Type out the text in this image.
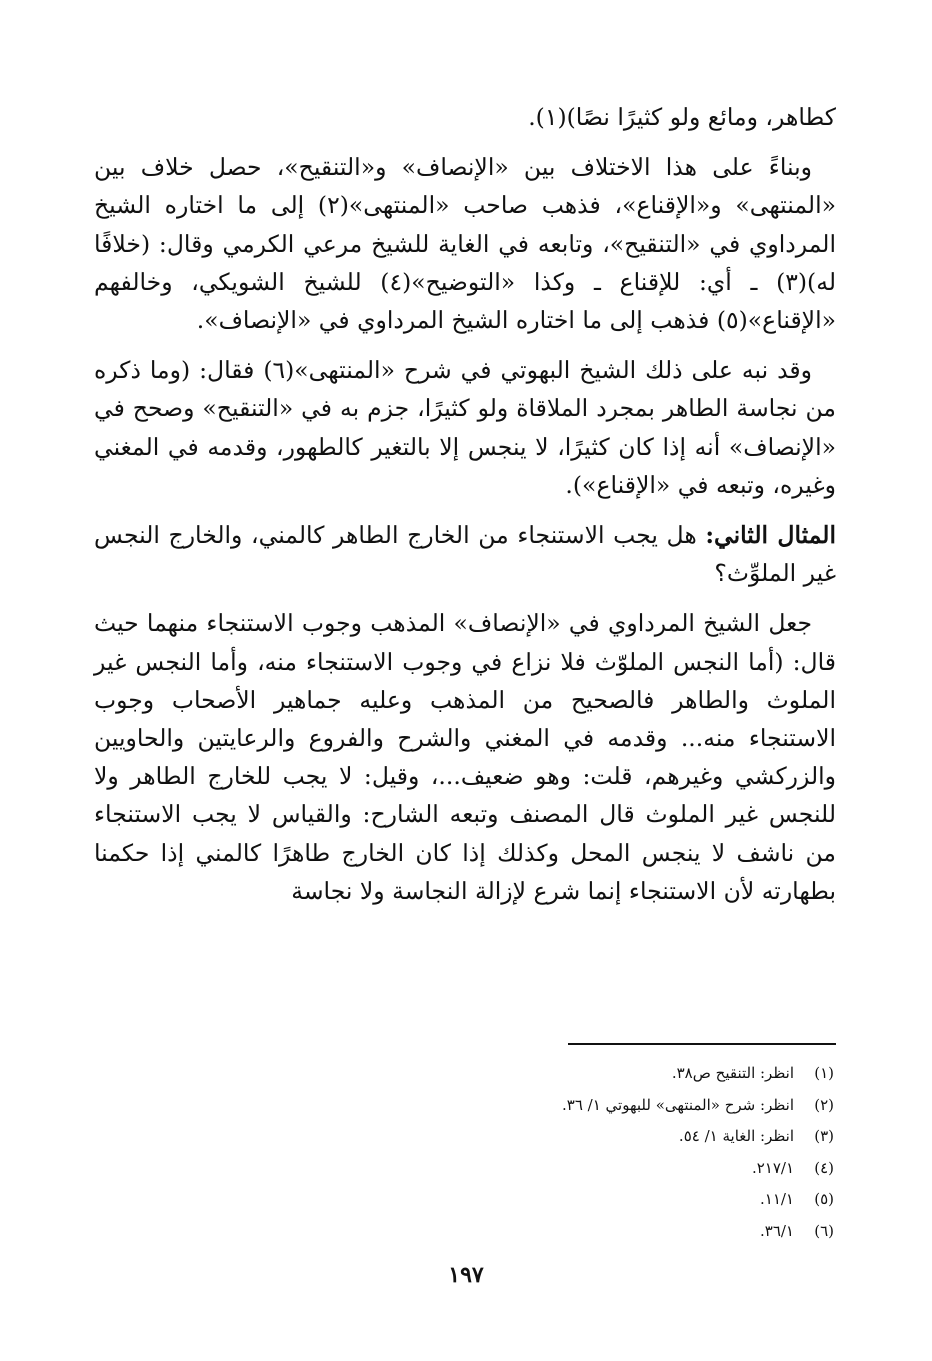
كطاهر، ومائع ولو كثيرًا نصًا)(١).

وبناءً على هذا الاختلاف بين «الإنصاف» و«التنقيح»، حصل خلاف بين «المنتهى» و«الإقناع»، فذهب صاحب «المنتهى»(٢) إلى ما اختاره الشيخ المرداوي في «التنقيح»، وتابعه في الغاية للشيخ مرعي الكرمي وقال: (خلافًا له)(٣) ـ أي: للإقناع ـ وكذا «التوضيح»(٤) للشيخ الشويكي، وخالفهم «الإقناع»(٥) فذهب إلى ما اختاره الشيخ المرداوي في «الإنصاف».

وقد نبه على ذلك الشيخ البهوتي في شرح «المنتهى»(٦) فقال: (وما ذكره من نجاسة الطاهر بمجرد الملاقاة ولو كثيرًا، جزم به في «التنقيح» وصحح في «الإنصاف» أنه إذا كان كثيرًا، لا ينجس إلا بالتغير كالطهور، وقدمه في المغني وغيره، وتبعه في «الإقناع»).

المثال الثاني: هل يجب الاستنجاء من الخارج الطاهر كالمني، والخارج النجس غير الملوِّث؟

جعل الشيخ المرداوي في «الإنصاف» المذهب وجوب الاستنجاء منهما حيث قال: (أما النجس الملوّث فلا نزاع في وجوب الاستنجاء منه، وأما النجس غير الملوث والطاهر فالصحيح من المذهب وعليه جماهير الأصحاب وجوب الاستنجاء منه... وقدمه في المغني والشرح والفروع والرعايتين والحاويين والزركشي وغيرهم، قلت: وهو ضعيف...، وقيل: لا يجب للخارج الطاهر ولا للنجس غير الملوث قال المصنف وتبعه الشارح: والقياس لا يجب الاستنجاء من ناشف لا ينجس المحل وكذلك إذا كان الخارج طاهرًا كالمني إذا حكمنا بطهارته لأن الاستنجاء إنما شرع لإزالة النجاسة ولا نجاسة

(١)
انظر: التنقيح ص٣٨.
(٢)
انظر: شرح «المنتهى» للبهوتي ١/ ٣٦.
(٣)
انظر: الغاية ١/ ٥٤.
(٤)
٢١٧/١.
(٥)
١١/١.
(٦)
٣٦/١.
١٩٧
